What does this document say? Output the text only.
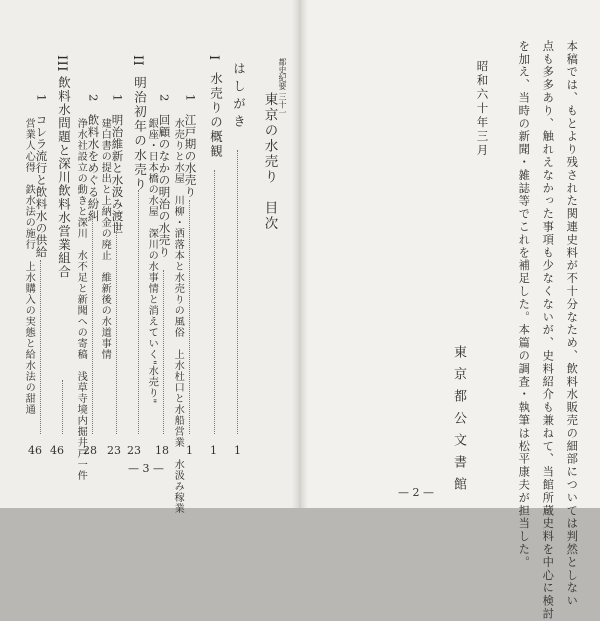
東京の水売り　目次
都史紀要 三十一
はしがき
1
I
水売りの概観
1
1　江戸期の水売り
1
水売りと水屋　川柳・洒落本と水売りの風俗　上水杜口と水船営業　水汲み稼業
2　回顧のなかの明治の水売り
18
銀座・日本橋の水屋　深川の水事情と消えていく"水売り"
II
明治初年の水売り
23
1　明治維新と水汲み渡世
23
建白書の提出と上納金の廃止　維新後の水道事情
2　飲料水をめぐる紛糾
28
浄水社設立の動きと深川　水不足と新聞への寄稿　浅草寺境内掘井戸一件
III
飲料水問題と深川飲料水営業組合
46
1　コレラ流行と飲料水の供給
46
営業人心得　鉄水法の施行　上水購入の実態と給水法の甜通
— 3 —	本稿では、もとより残された関連史料が不十分なため、飲料水販売の細部については判然としない
点も多多あり、触れえなかった事項も少なくないが、史料紹介も兼ねて、当館所蔵史料を中心に検討
を加え、当時の新聞・雑誌等でこれを補足した。本篇の調査・執筆は松平康夫が担当した。
昭和六十年三月
東京都公文書館
— 2 —
